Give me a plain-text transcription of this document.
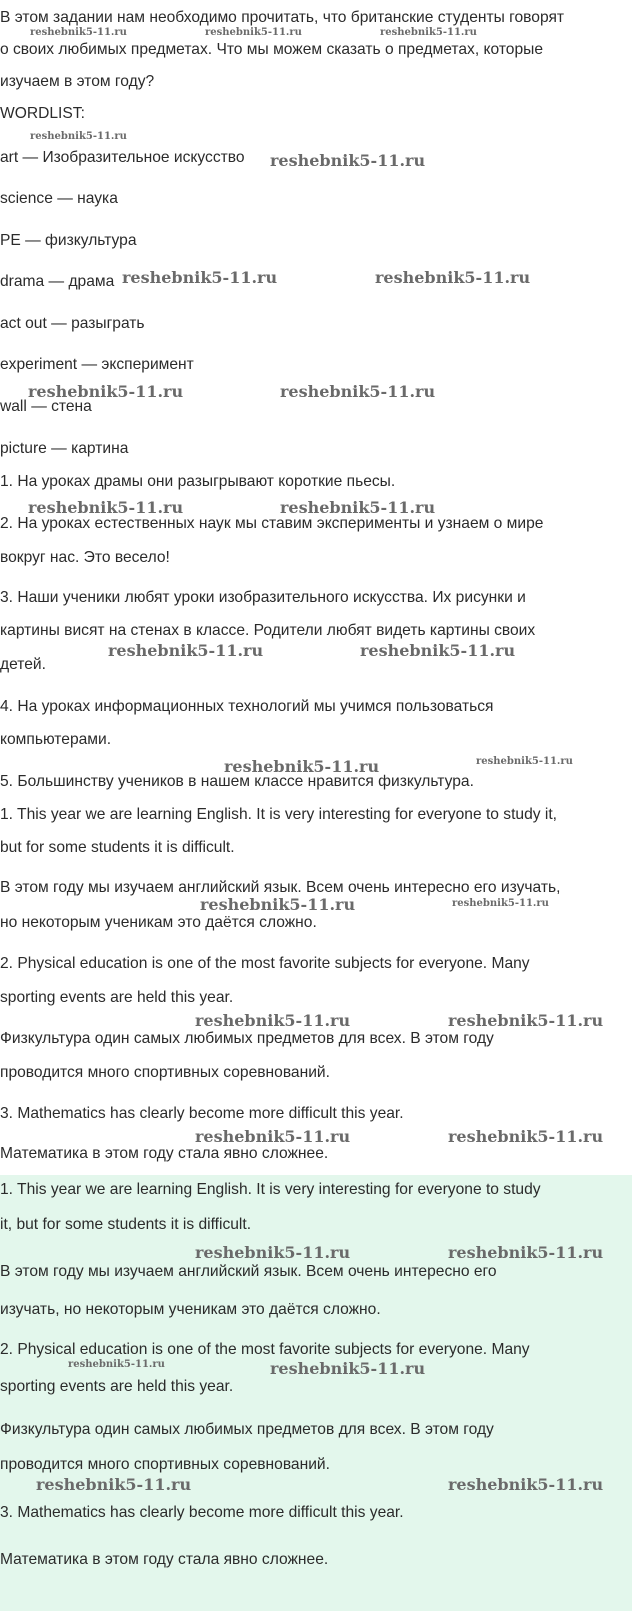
В этом задании нам необходимо прочитать, что британские студенты говорят

о своих любимых предметах. Что мы можем сказать о предметах, которые

изучаем в этом году?

WORDLIST:

art — Изобразительное искусство

science — наука

PE — физкультура

drama — драма

act out — разыграть

experiment — эксперимент

wall — стена

picture — картина

1. На уроках драмы они разыгрывают короткие пьесы.

2. На уроках естественных наук мы ставим эксперименты и узнаем о мире

вокруг нас. Это весело!

3. Наши ученики любят уроки изобразительного искусства. Их рисунки и

картины висят на стенах в классе. Родители любят видеть картины своих

детей.

4. На уроках информационных технологий мы учимся пользоваться

компьютерами.

5. Большинству учеников в нашем классе нравится физкультура.

1. This year we are learning English. It is very interesting for everyone to study it,

but for some students it is difficult.

В этом году мы изучаем английский язык. Всем очень интересно его изучать,

но некоторым ученикам это даётся сложно.

2. Physical education is one of the most favorite subjects for everyone. Many

sporting events are held this year.

Физкультура один самых любимых предметов для всех. В этом году

проводится много спортивных соревнований.

3. Mathematics has clearly become more difficult this year.

Математика в этом году стала явно сложнее.

1. This year we are learning English. It is very interesting for everyone to study

it, but for some students it is difficult.

В этом году мы изучаем английский язык. Всем очень интересно его

изучать, но некоторым ученикам это даётся сложно.

2. Physical education is one of the most favorite subjects for everyone. Many

sporting events are held this year.

Физкультура один самых любимых предметов для всех. В этом году

проводится много спортивных соревнований.

3. Mathematics has clearly become more difficult this year.

Математика в этом году стала явно сложнее.

reshebnik5-11.ru	reshebnik5-11.ru	reshebnik5-11.ru
reshebnik5-11.ru
reshebnik5-11.ru
reshebnik5-11.ru	reshebnik5-11.ru
reshebnik5-11.ru	reshebnik5-11.ru
reshebnik5-11.ru	reshebnik5-11.ru
reshebnik5-11.ru	reshebnik5-11.ru
reshebnik5-11.ru	reshebnik5-11.ru
reshebnik5-11.ru	reshebnik5-11.ru
reshebnik5-11.ru	reshebnik5-11.ru
reshebnik5-11.ru	reshebnik5-11.ru
reshebnik5-11.ru	reshebnik5-11.ru
reshebnik5-11.ru	reshebnik5-11.ru
reshebnik5-11.ru	reshebnik5-11.ru
